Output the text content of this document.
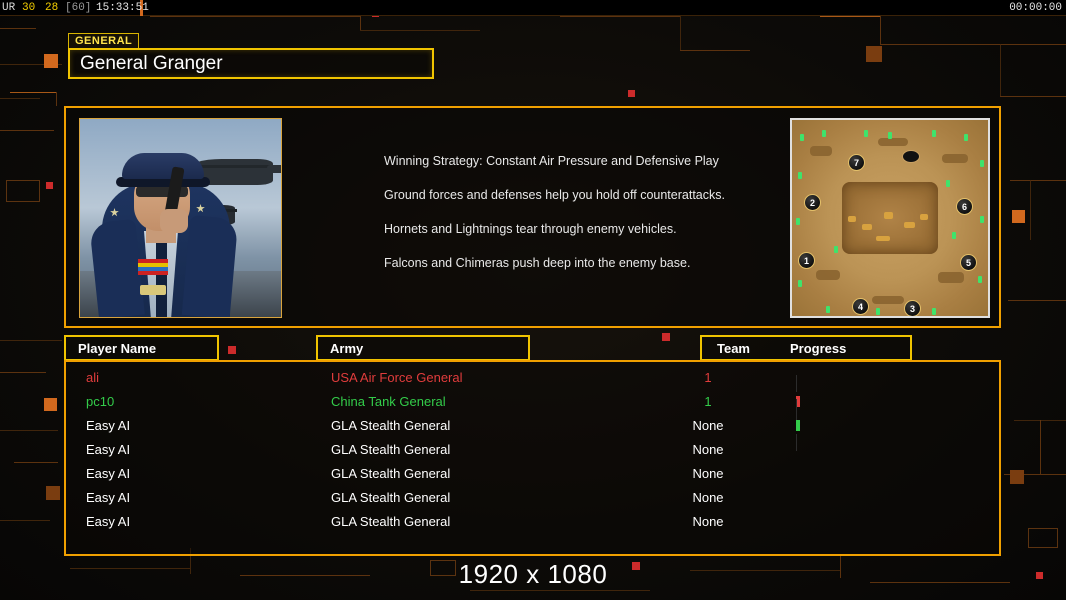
UR 30 28 [60] 15:33:51	00:00:00
GENERAL
General Granger

Winning Strategy: Constant Air Pressure and Defensive Play

Ground forces and defenses help you hold off counterattacks.

Hornets and Lightnings tear through enemy vehicles.

Falcons and Chimeras push deep into the enemy base.

7
2	6
1	5
4	3
Player Name	Army	Team	Progress
ali	USA Air Force General	1
pc10	China Tank General	1
Easy AI	GLA Stealth General	None
Easy AI	GLA Stealth General	None
Easy AI	GLA Stealth General	None
Easy AI	GLA Stealth General	None
Easy AI	GLA Stealth General	None
1920 x 1080
